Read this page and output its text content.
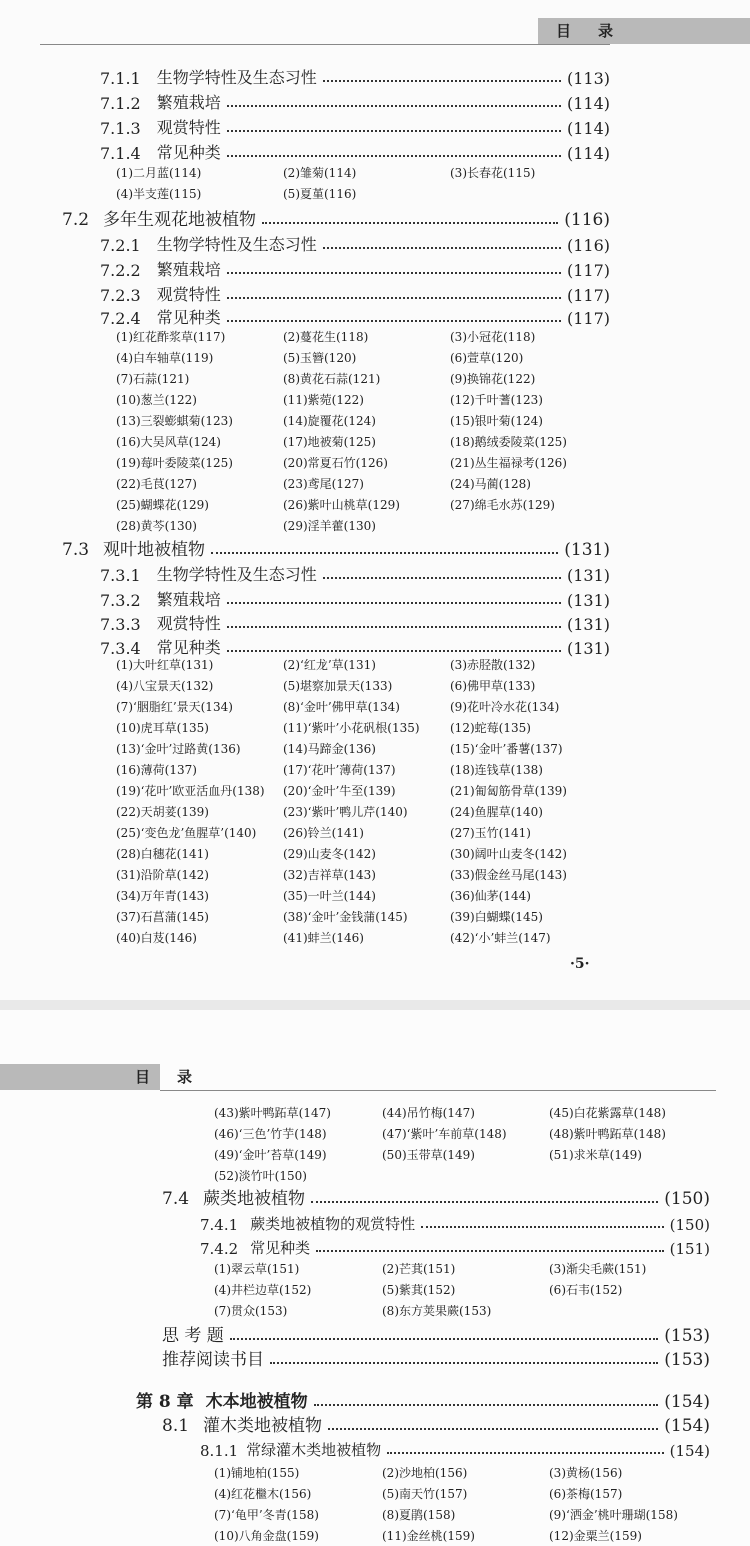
目　录
7.1.1 生物学特性及生态习性	(113)
7.1.2 繁殖栽培	(114)
7.1.3 观赏特性	(114)
7.1.4 常见种类	(114)
(1)二月蓝(114)	(2)雏菊(114)	(3)长春花(115)
(4)半支莲(115)	(5)夏堇(116)
7.2 多年生观花地被植物	(116)
7.2.1 生物学特性及生态习性	(116)
7.2.2 繁殖栽培	(117)
7.2.3 观赏特性	(117)
7.2.4 常见种类	(117)
(1)红花酢浆草(117)	(2)蔓花生(118)	(3)小冠花(118)
(4)白车轴草(119)	(5)玉簪(120)	(6)萱草(120)
(7)石蒜(121)	(8)黄花石蒜(121)	(9)换锦花(122)
(10)葱兰(122)	(11)紫菀(122)	(12)千叶蓍(123)
(13)三裂蟛蜞菊(123)	(14)旋覆花(124)	(15)银叶菊(124)
(16)大吴风草(124)	(17)地被菊(125)	(18)鹅绒委陵菜(125)
(19)莓叶委陵菜(125)	(20)常夏石竹(126)	(21)丛生福禄考(126)
(22)毛茛(127)	(23)鸢尾(127)	(24)马蔺(128)
(25)蝴蝶花(129)	(26)紫叶山桃草(129)	(27)绵毛水苏(129)
(28)黄芩(130)	(29)淫羊藿(130)
7.3 观叶地被植物	(131)
7.3.1 生物学特性及生态习性	(131)
7.3.2 繁殖栽培	(131)
7.3.3 观赏特性	(131)
7.3.4 常见种类	(131)
(1)大叶红草(131)	(2)‘红龙’草(131)	(3)赤胫散(132)
(4)八宝景天(132)	(5)堪察加景天(133)	(6)佛甲草(133)
(7)‘胭脂红’景天(134)	(8)‘金叶’佛甲草(134)	(9)花叶冷水花(134)
(10)虎耳草(135)	(11)‘紫叶’小花矾根(135)	(12)蛇莓(135)
(13)‘金叶’过路黄(136)	(14)马蹄金(136)	(15)‘金叶’番薯(137)
(16)薄荷(137)	(17)‘花叶’薄荷(137)	(18)连钱草(138)
(19)‘花叶’欧亚活血丹(138) (20)‘金叶’牛至(139)	(21)匍匐筋骨草(139)
(22)天胡荽(139)	(23)‘紫叶’鸭儿芹(140)	(24)鱼腥草(140)
(25)‘变色龙’鱼腥草’(140) (26)铃兰(141)	(27)玉竹(141)
(28)白穗花(141)	(29)山麦冬(142)	(30)阔叶山麦冬(142)
(31)沿阶草(142)	(32)吉祥草(143)	(33)假金丝马尾(143)
(34)万年青(143)	(35)一叶兰(144)	(36)仙茅(144)
(37)石菖蒲(145)	(38)‘金叶’金钱蒲(145)	(39)白蝴蝶(145)
(40)白芨(146)	(41)蚌兰(146)	(42)‘小’蚌兰(147)
·5·
目　录
(43)紫叶鸭跖草(147)	(44)吊竹梅(147)	(45)白花紫露草(148)
(46)‘三色’竹芋(148)	(47)‘紫叶’车前草(148)	(48)紫叶鸭跖草(148)
(49)‘金叶’苔草(149)	(50)玉带草(149)	(51)求米草(149)
(52)淡竹叶(150)
7.4 蕨类地被植物	(150)
7.4.1 蕨类地被植物的观赏特性	(150)
7.4.2 常见种类	(151)
(1)翠云草(151)	(2)芒萁(151)	(3)渐尖毛蕨(151)
(4)井栏边草(152)	(5)紫萁(152)	(6)石韦(152)
(7)贯众(153)	(8)东方荚果蕨(153)
思 考 题	(153)
推荐阅读书目	(153)
第 8 章 木本地被植物	(154)
8.1 灌木类地被植物	(154)
8.1.1 常绿灌木类地被植物	(154)
(1)铺地柏(155)	(2)沙地柏(156)	(3)黄杨(156)
(4)红花檵木(156)	(5)南天竹(157)	(6)茶梅(157)
(7)‘龟甲’冬青(158)	(8)夏鹃(158)	(9)‘洒金’桃叶珊瑚(158)
(10)八角金盘(159)	(11)金丝桃(159)	(12)金粟兰(159)
